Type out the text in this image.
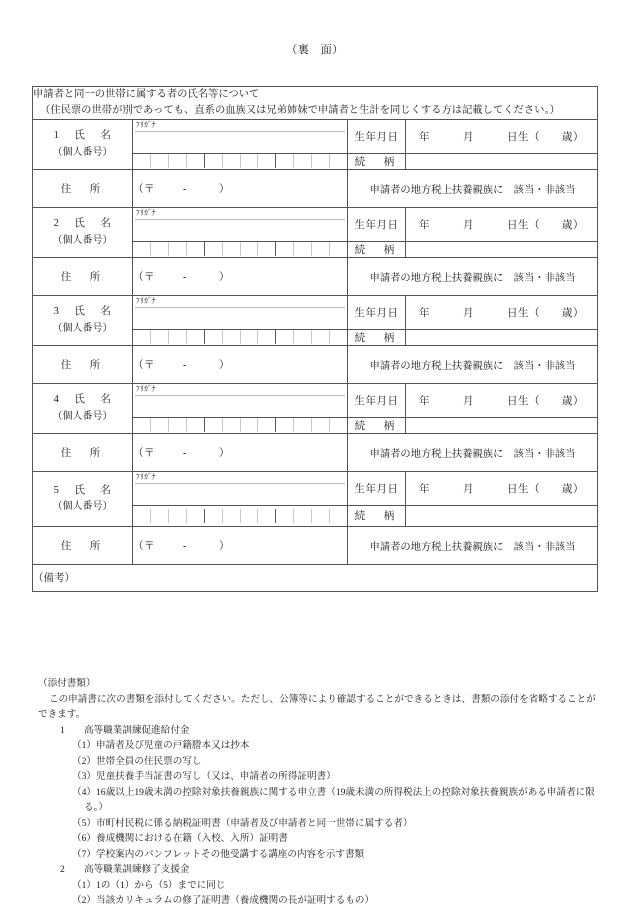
（裏　面）
申請者と同一の世帯に属する者の氏名等について
（住民票の世帯が別であっても、直系の血族又は兄弟姉妹で申請者と生計を同じくする方は記載してください。）			

1　 氏　名
（個人番号）	ﾌﾘｶﾞﾅ	生年月日	年　　　月　　　日生（　　歳）

		続　柄	
住　所	（〒 - ）	申請者の地方税上扶養親族に　該当・非該当	

2　 氏　名
（個人番号）	ﾌﾘｶﾞﾅ	生年月日	年　　　月　　　日生（　　歳）

		続　柄	
住　所	（〒 - ）	申請者の地方税上扶養親族に　該当・非該当	

3　 氏　名
（個人番号）	ﾌﾘｶﾞﾅ	生年月日	年　　　月　　　日生（　　歳）

		続　柄	
住　所	（〒 - ）	申請者の地方税上扶養親族に　該当・非該当	

4　 氏　名
（個人番号）	ﾌﾘｶﾞﾅ	生年月日	年　　　月　　　日生（　　歳）

		続　柄	
住　所	（〒 - ）	申請者の地方税上扶養親族に　該当・非該当	

5　 氏　名
（個人番号）	ﾌﾘｶﾞﾅ	生年月日	年　　　月　　　日生（　　歳）

		続　柄	
住　所	（〒 - ）	申請者の地方税上扶養親族に　該当・非該当	
（備考）			
（添付書類）
この申請書に次の書類を添付してください。ただし、公簿等により確認することができるときは、書類の添付を省略することができます。
1　　 高等職業訓練促進給付金
（1）申請者及び児童の戸籍謄本又は抄本
（2）世帯全員の住民票の写し
（3）児童扶養手当証書の写し（又は、申請者の所得証明書）
（4）16歳以上19歳未満の控除対象扶養親族に関する申立書（19歳未満の所得税法上の控除対象扶養親族がある申請者に限る。）
（5）市町村民税に係る納税証明書（申請者及び申請者と同一世帯に属する者）
（6）養成機関における在籍（入校、入所）証明書
（7）学校案内のパンフレットその他受講する講座の内容を示す書類
2　　 高等職業訓練修了支援金
（1）1の（1）から（5）までに同じ
（2）当該カリキュラムの修了証明書（養成機関の長が証明するもの）
